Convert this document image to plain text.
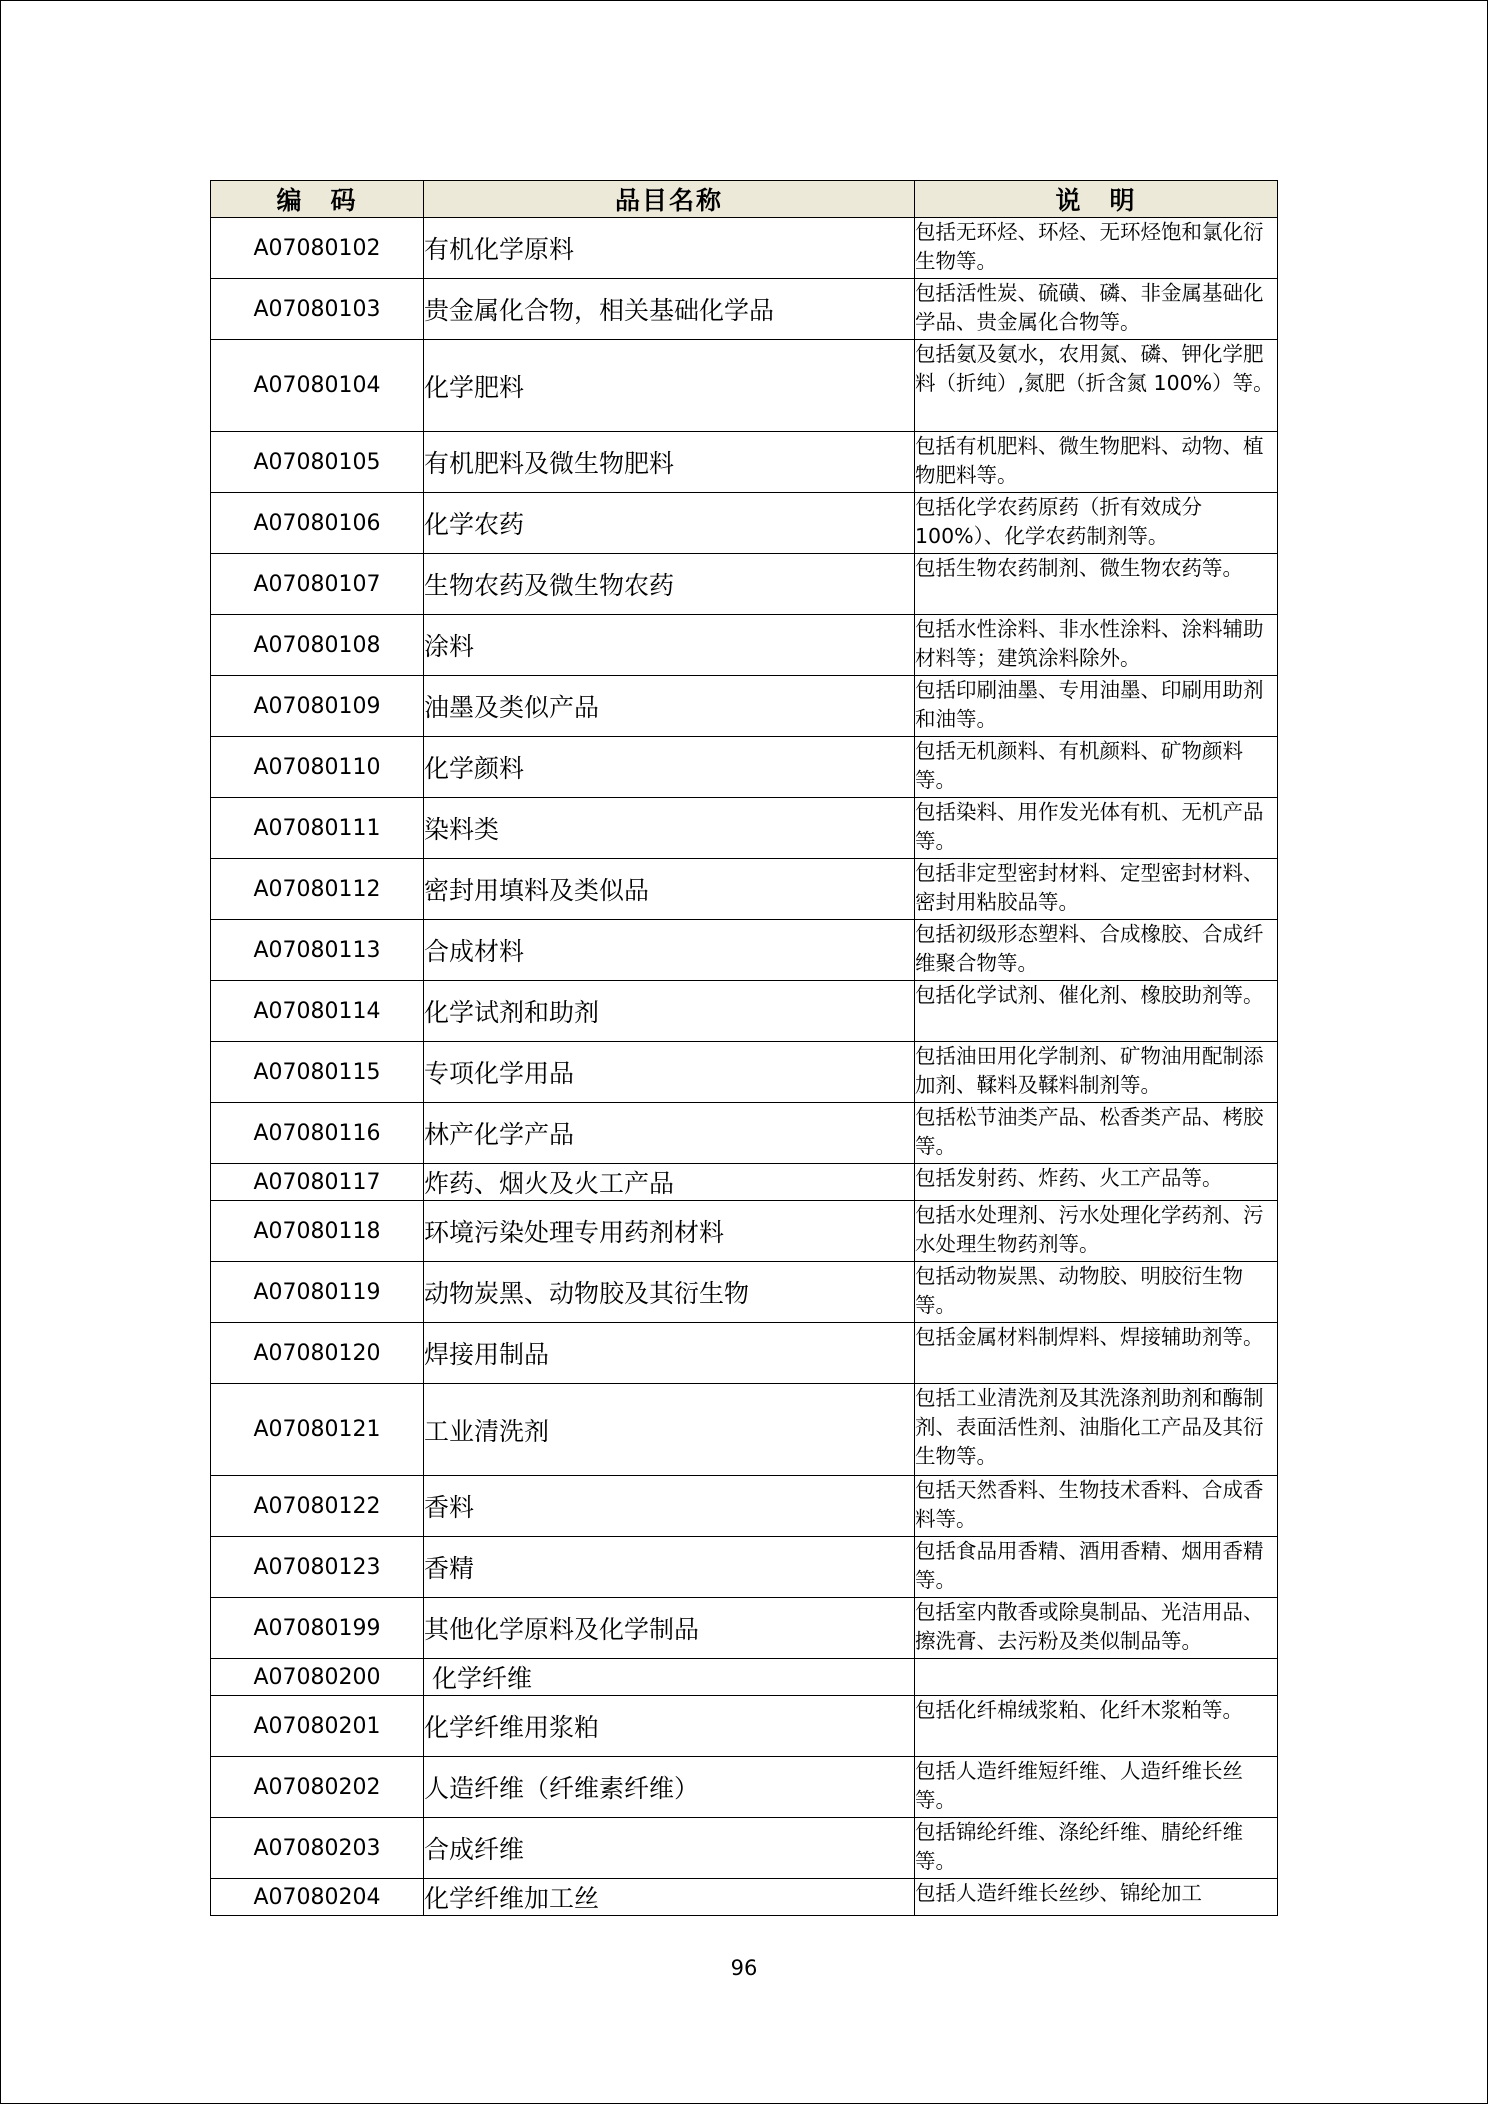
编　码	品目名称	说　明
A07080102	有机化学原料	包括无环烃、环烃、无环烃饱和氯化衍生物等。
A07080103	贵金属化合物，相关基础化学品	包括活性炭、硫磺、磷、非金属基础化学品、贵金属化合物等。
A07080104	化学肥料	包括氨及氨水，农用氮、磷、钾化学肥料（折纯）,氮肥（折含氮 100%）等。
A07080105	有机肥料及微生物肥料	包括有机肥料、微生物肥料、动物、植物肥料等。
A07080106	化学农药	包括化学农药原药（折有效成分 100%）、化学农药制剂等。
A07080107	生物农药及微生物农药	包括生物农药制剂、微生物农药等。
A07080108	涂料	包括水性涂料、非水性涂料、涂料辅助材料等；建筑涂料除外。
A07080109	油墨及类似产品	包括印刷油墨、专用油墨、印刷用助剂和油等。
A07080110	化学颜料	包括无机颜料、有机颜料、矿物颜料等。
A07080111	染料类	包括染料、用作发光体有机、无机产品等。
A07080112	密封用填料及类似品	包括非定型密封材料、定型密封材料、密封用粘胶品等。
A07080113	合成材料	包括初级形态塑料、合成橡胶、合成纤维聚合物等。
A07080114	化学试剂和助剂	包括化学试剂、催化剂、橡胶助剂等。
A07080115	专项化学用品	包括油田用化学制剂、矿物油用配制添加剂、鞣料及鞣料制剂等。
A07080116	林产化学产品	包括松节油类产品、松香类产品、栲胶等。
A07080117	炸药、烟火及火工产品	包括发射药、炸药、火工产品等。
A07080118	环境污染处理专用药剂材料	包括水处理剂、污水处理化学药剂、污水处理生物药剂等。
A07080119	动物炭黑、动物胶及其衍生物	包括动物炭黑、动物胶、明胶衍生物等。
A07080120	焊接用制品	包括金属材料制焊料、焊接辅助剂等。
A07080121	工业清洗剂	包括工业清洗剂及其洗涤剂助剂和酶制剂、表面活性剂、油脂化工产品及其衍生物等。
A07080122	香料	包括天然香料、生物技术香料、合成香料等。
A07080123	香精	包括食品用香精、酒用香精、烟用香精等。
A07080199	其他化学原料及化学制品	包括室内散香或除臭制品、光洁用品、擦洗膏、去污粉及类似制品等。
A07080200	化学纤维	
A07080201	化学纤维用浆粕	包括化纤棉绒浆粕、化纤木浆粕等。
A07080202	人造纤维（纤维素纤维）	包括人造纤维短纤维、人造纤维长丝等。
A07080203	合成纤维	包括锦纶纤维、涤纶纤维、腈纶纤维等。
A07080204	化学纤维加工丝	包括人造纤维长丝纱、锦纶加工
96
